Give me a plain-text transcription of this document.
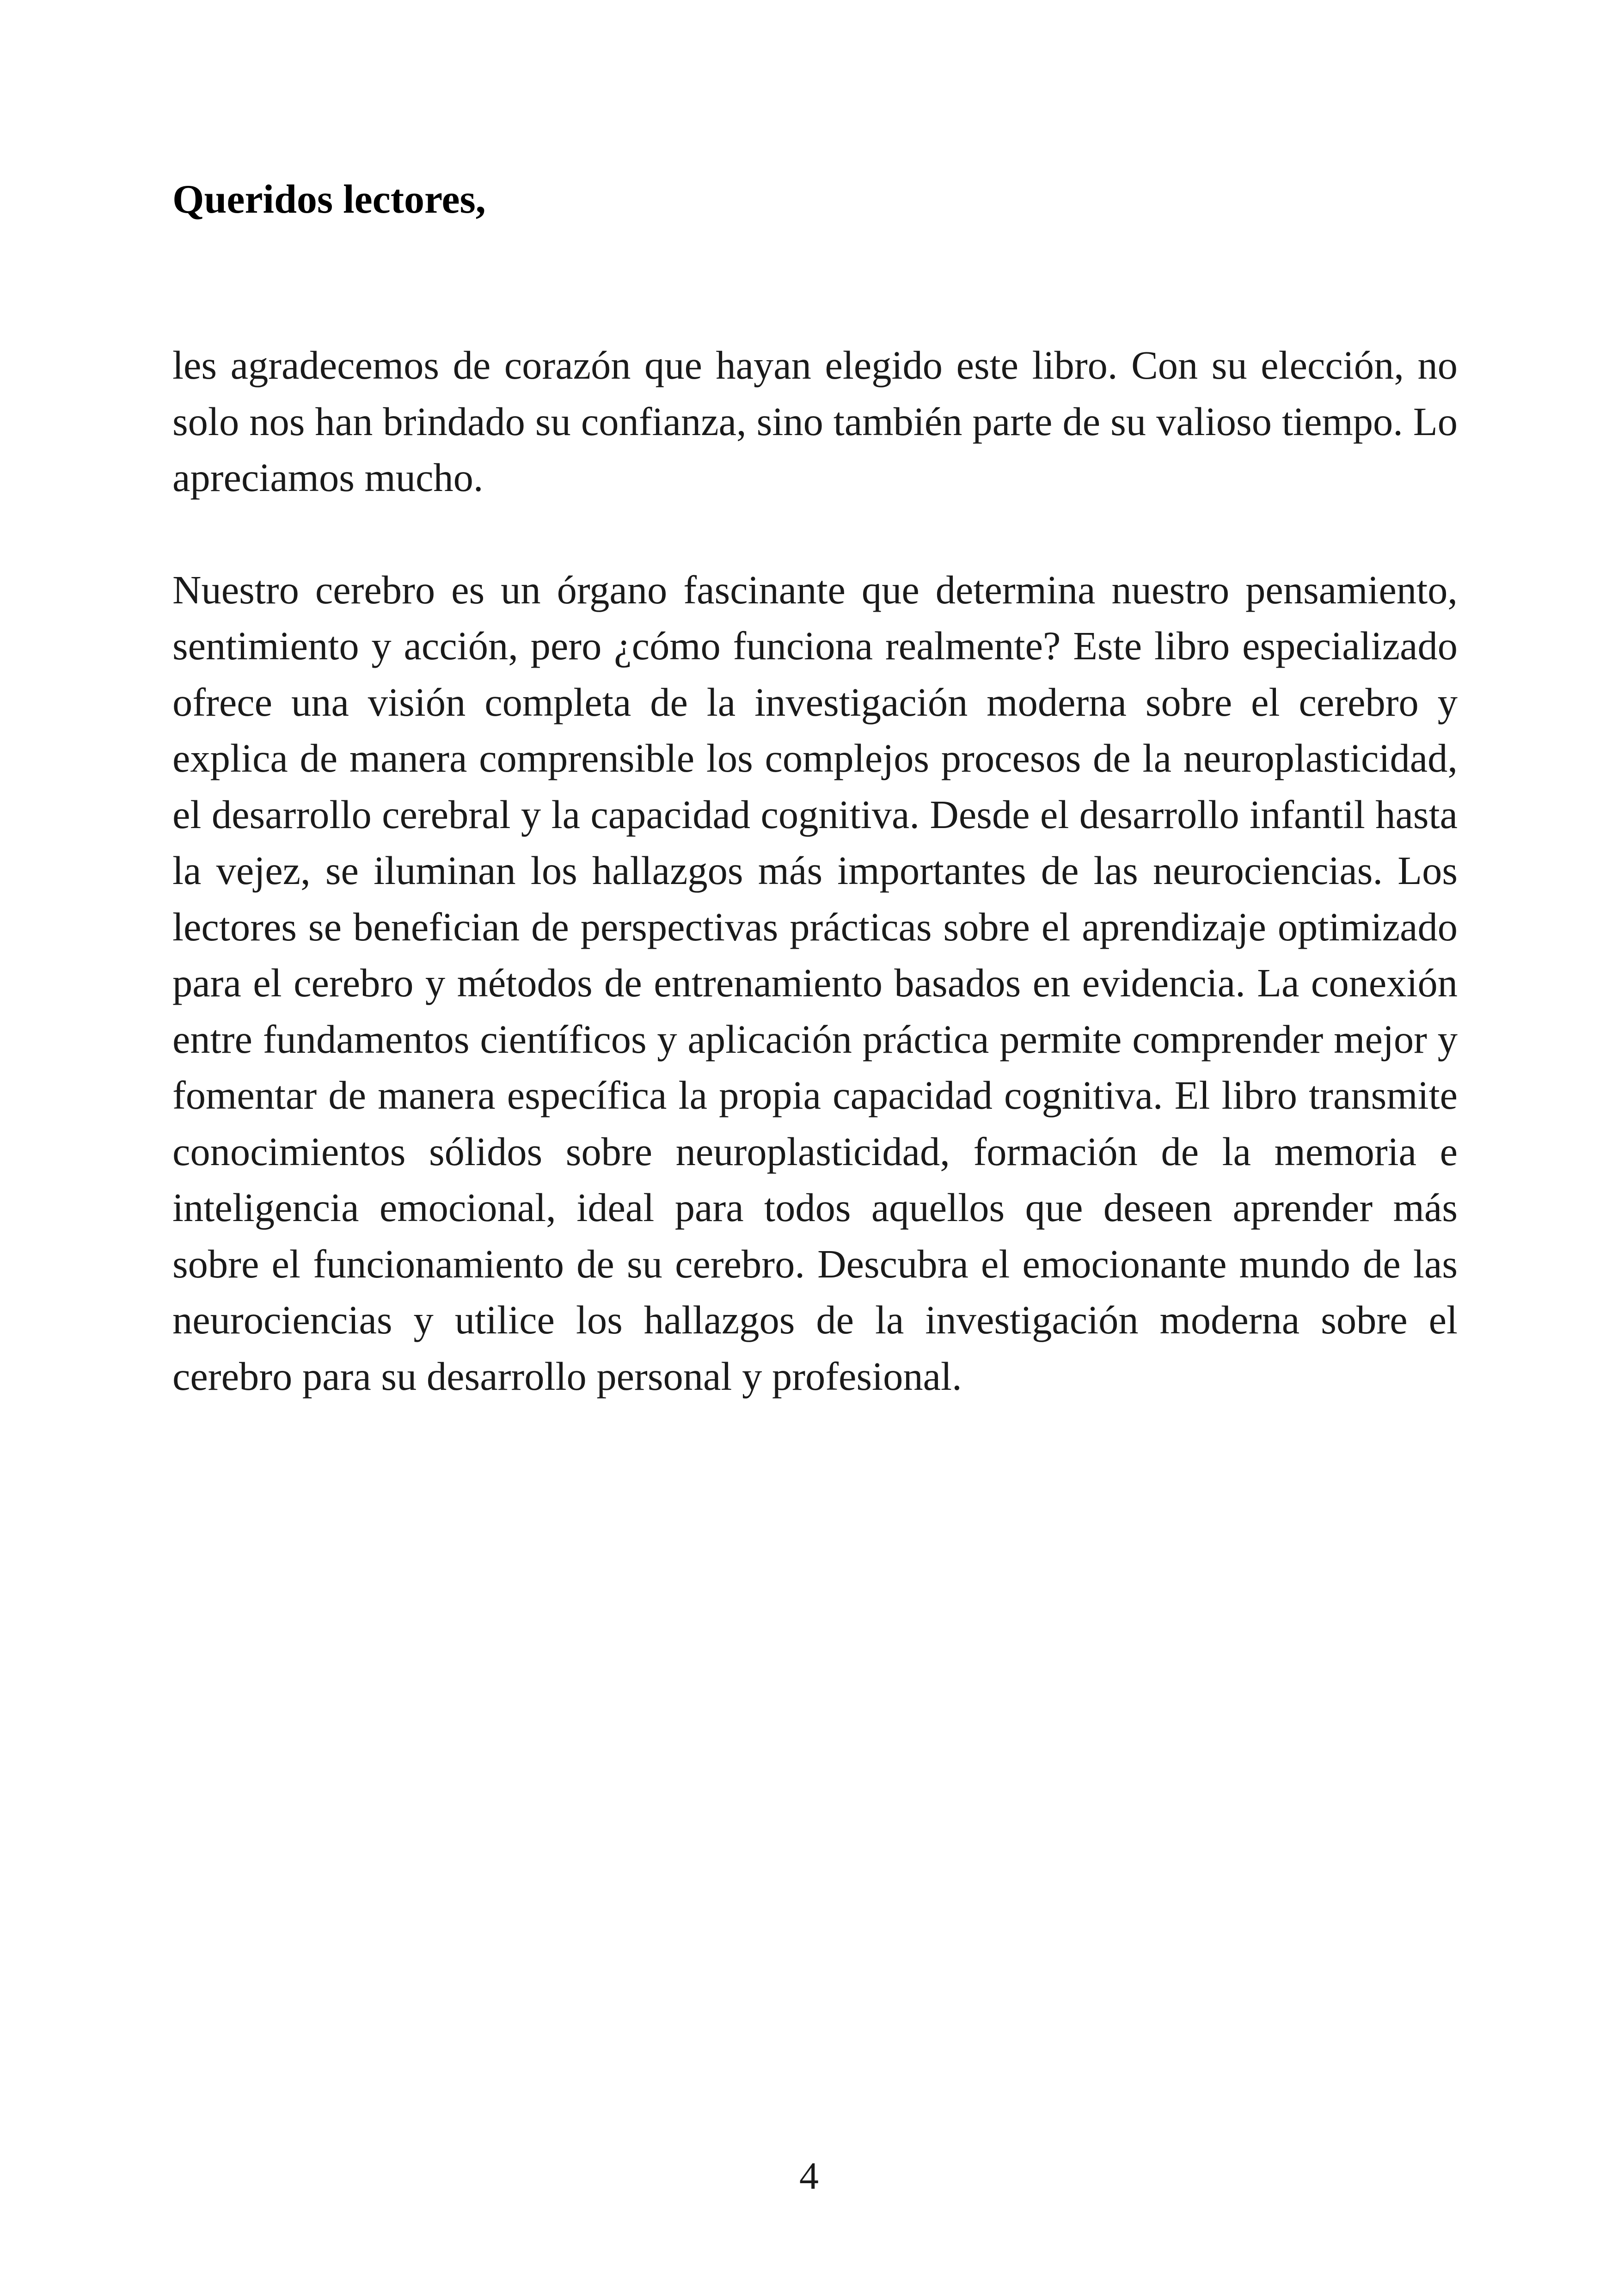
Queridos lectores,

les agradecemos de corazón que hayan elegido este libro. Con su elección, no solo nos han brindado su confianza, sino también parte de su valioso tiempo. Lo apreciamos mucho.

Nuestro cerebro es un órgano fascinante que determina nuestro pensamiento, sentimiento y acción, pero ¿cómo funciona realmente? Este libro especializado ofrece una visión completa de la investigación moderna sobre el cerebro y explica de manera comprensible los complejos procesos de la neuroplasticidad, el desarrollo cerebral y la capacidad cognitiva. Desde el desarrollo infantil hasta la vejez, se iluminan los hallazgos más importantes de las neurociencias. Los lectores se benefician de perspectivas prácticas sobre el aprendizaje optimizado para el cerebro y métodos de entrenamiento basados en evidencia. La conexión entre fundamentos científicos y aplicación práctica permite comprender mejor y fomentar de manera específica la propia capacidad cognitiva. El libro transmite conocimientos sólidos sobre neuroplasticidad, formación de la memoria e inteligencia emocional, ideal para todos aquellos que deseen aprender más sobre el funcionamiento de su cerebro. Descubra el emocionante mundo de las neurociencias y utilice los hallazgos de la investigación moderna sobre el cerebro para su desarrollo personal y profesional.

4
